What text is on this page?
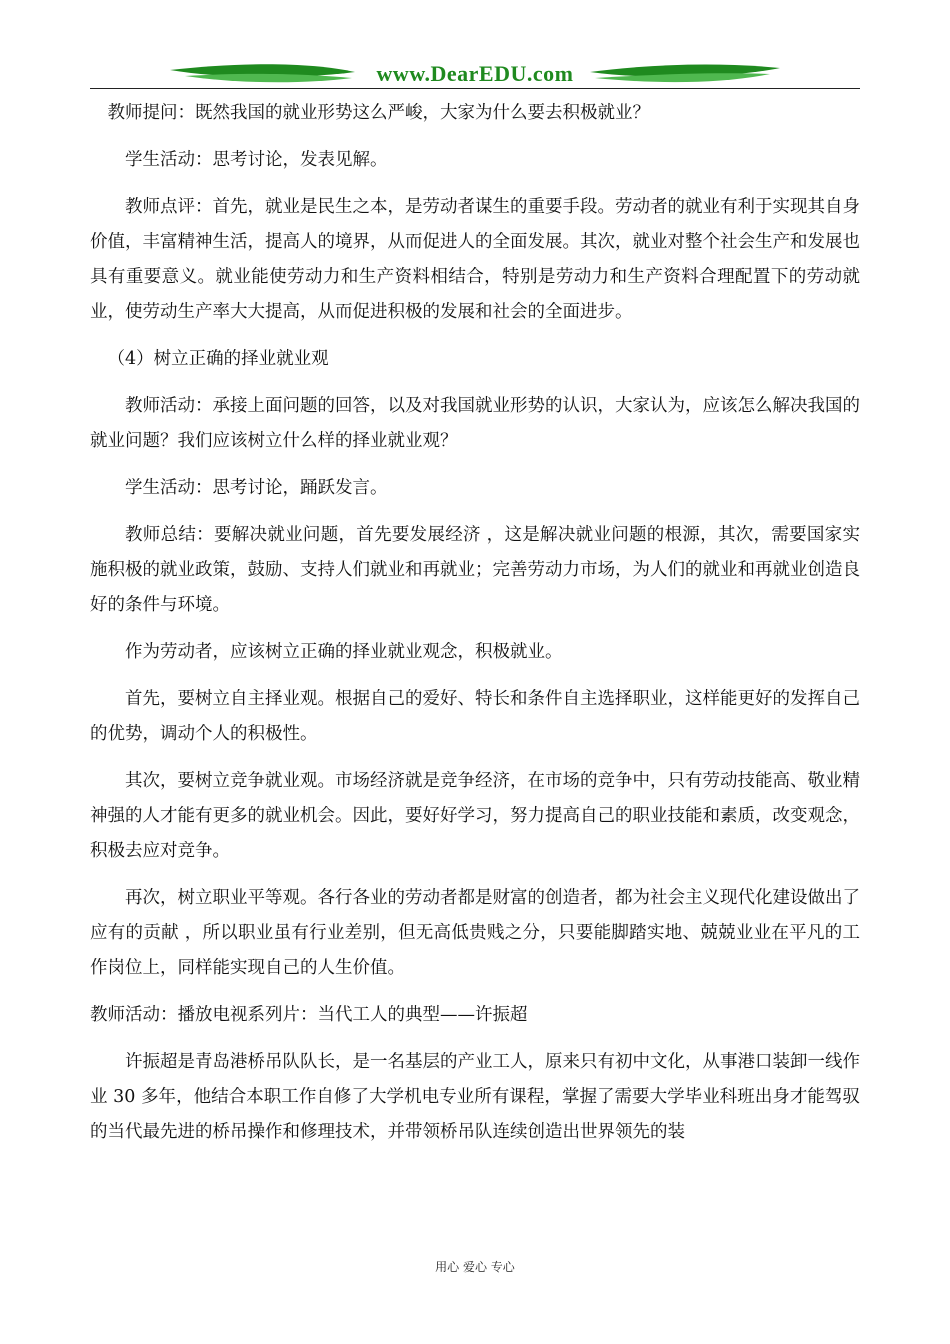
www.DearEDU.com

教师提问：既然我国的就业形势这么严峻，大家为什么要去积极就业？

学生活动：思考讨论，发表见解。

教师点评：首先，就业是民生之本，是劳动者谋生的重要手段。劳动者的就业有利于实现其自身价值，丰富精神生活，提高人的境界，从而促进人的全面发展。其次，就业对整个社会生产和发展也具有重要意义。就业能使劳动力和生产资料相结合，特别是劳动力和生产资料合理配置下的劳动就业，使劳动生产率大大提高，从而促进积极的发展和社会的全面进步。

（4）树立正确的择业就业观

教师活动：承接上面问题的回答，以及对我国就业形势的认识，大家认为，应该怎么解决我国的就业问题？我们应该树立什么样的择业就业观？

学生活动：思考讨论，踊跃发言。

教师总结：要解决就业问题，首先要发展经济 ，这是解决就业问题的根源，其次，需要国家实施积极的就业政策，鼓励、支持人们就业和再就业；完善劳动力市场，为人们的就业和再就业创造良好的条件与环境。

作为劳动者，应该树立正确的择业就业观念，积极就业。

首先，要树立自主择业观。根据自己的爱好、特长和条件自主选择职业，这样能更好的发挥自己的优势，调动个人的积极性。

其次，要树立竞争就业观。市场经济就是竞争经济，在市场的竞争中，只有劳动技能高、敬业精神强的人才能有更多的就业机会。因此，要好好学习，努力提高自己的职业技能和素质，改变观念，积极去应对竞争。

再次，树立职业平等观。各行各业的劳动者都是财富的创造者，都为社会主义现代化建设做出了应有的贡献 ，所以职业虽有行业差别，但无高低贵贱之分，只要能脚踏实地、兢兢业业在平凡的工作岗位上，同样能实现自己的人生价值。

教师活动：播放电视系列片：当代工人的典型——许振超

许振超是青岛港桥吊队队长，是一名基层的产业工人，原来只有初中文化，从事港口装卸一线作业 30 多年，他结合本职工作自修了大学机电专业所有课程，掌握了需要大学毕业科班出身才能驾驭的当代最先进的桥吊操作和修理技术，并带领桥吊队连续创造出世界领先的装

用心 爱心 专心
